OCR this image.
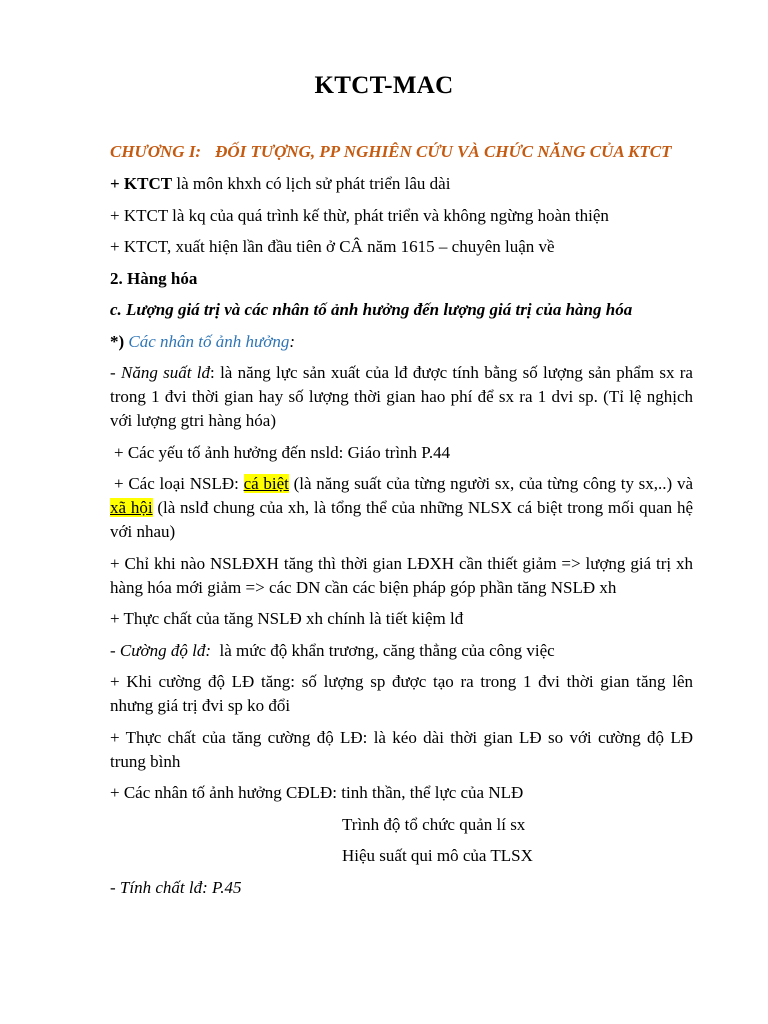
KTCT-MAC
CHƯƠNG I: ĐỐI TƯỢNG, PP NGHIÊN CỨU VÀ CHỨC NĂNG CỦA KTCT
+ KTCT là môn khxh có lịch sử phát triển lâu dài
+ KTCT là kq của quá trình kế thừ, phát triển và không ngừng hoàn thiện
+ KTCT, xuất hiện lần đầu tiên ở CÂ năm 1615 – chuyên luận về
2. Hàng hóa
c. Lượng giá trị và các nhân tố ảnh hưởng đến lượng giá trị của hàng hóa
*) Các nhân tố ảnh hưởng:
- Năng suất lđ: là năng lực sản xuất của lđ được tính bằng số lượng sản phẩm sx ra trong 1 đvi thời gian hay số lượng thời gian hao phí để sx ra 1 dvi sp. (Tỉ lệ nghịch với lượng gtri hàng hóa)
+ Các yếu tố ảnh hưởng đến nsld: Giáo trình P.44
+ Các loại NSLĐ: cá biệt (là năng suất của từng người sx, của từng công ty sx,..) và xã hội (là nslđ chung của xh, là tổng thể của những NLSX cá biệt trong mối quan hệ với nhau)
+ Chỉ khi nào NSLĐXH tăng thì thời gian LĐXH cần thiết giảm => lượng giá trị xh hàng hóa mới giảm => các DN cần các biện pháp góp phần tăng NSLĐ xh
+ Thực chất của tăng NSLĐ xh chính là tiết kiệm lđ
- Cường độ lđ:  là mức độ khẩn trương, căng thẳng của công việc
+ Khi cường độ LĐ tăng: số lượng sp được tạo ra trong 1 đvi thời gian tăng lên nhưng giá trị đvi sp ko đổi
+ Thực chất của tăng cường độ LĐ: là kéo dài thời gian LĐ so với cường độ LĐ trung bình
+ Các nhân tố ảnh hưởng CĐLĐ: tinh thần, thể lực của NLĐ
Trình độ tổ chức quản lí sx
Hiệu suất qui mô của TLSX
- Tính chất lđ: P.45
